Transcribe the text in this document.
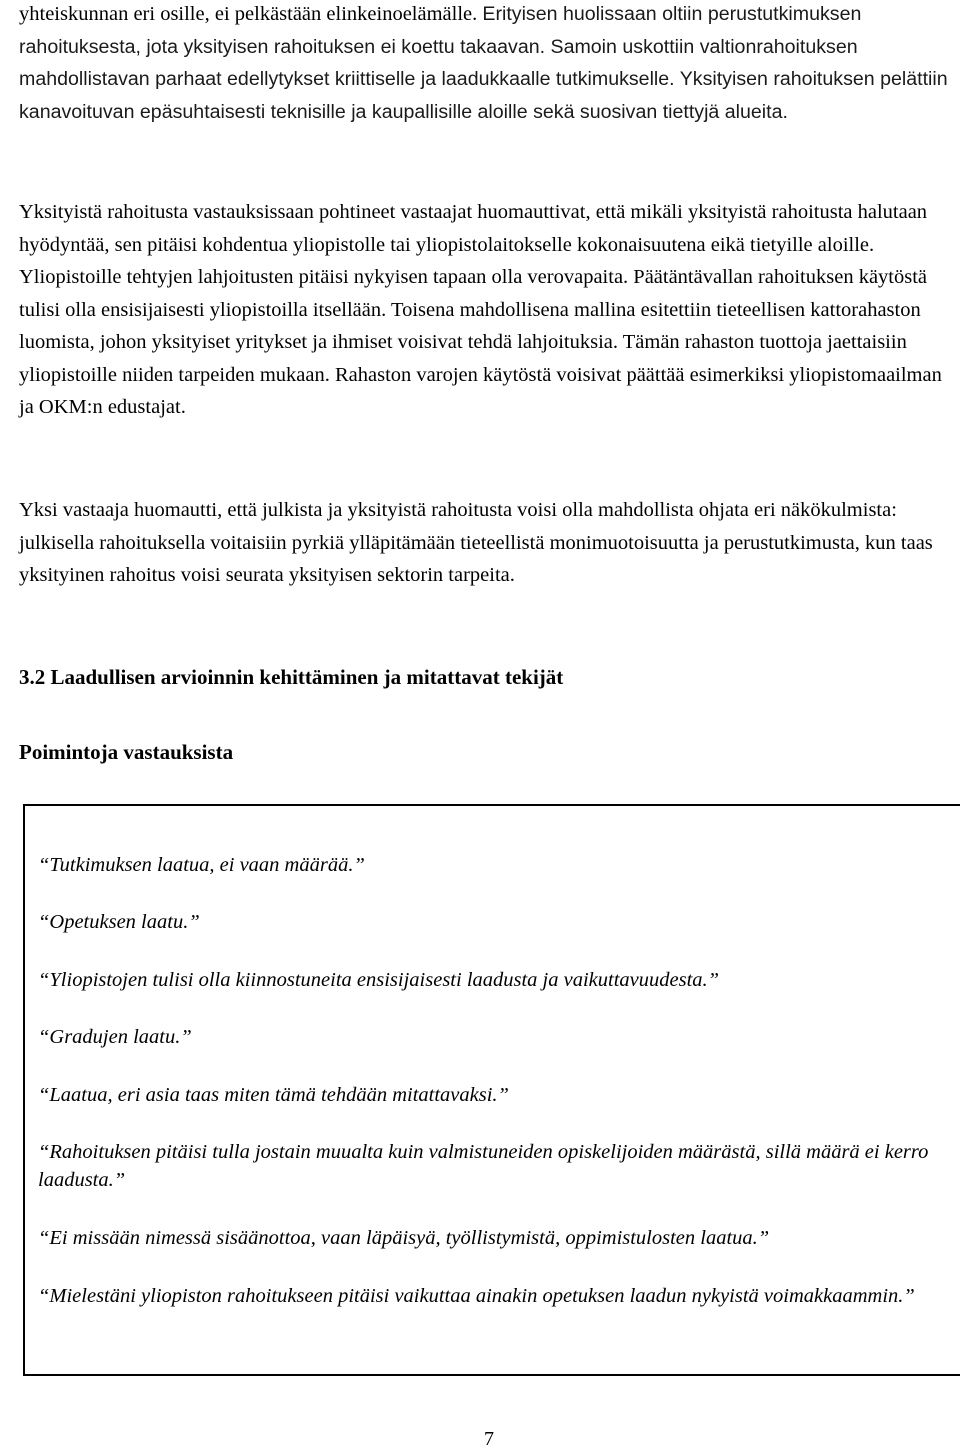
yhteiskunnan eri osille, ei pelkästään elinkeinoelämälle. Erityisen huolissaan oltiin perustutkimuksen rahoituksesta, jota yksityisen rahoituksen ei koettu takaavan. Samoin uskottiin valtionrahoituksen mahdollistavan parhaat edellytykset kriittiselle ja laadukkaalle tutkimukselle. Yksityisen rahoituksen pelättiin kanavoituvan epäsuhtaisesti teknisille ja kaupallisille aloille sekä suosivan tiettyjä alueita.

Yksityistä rahoitusta vastauksissaan pohtineet vastaajat huomauttivat, että mikäli yksityistä rahoitusta halutaan hyödyntää, sen pitäisi kohdentua yliopistolle tai yliopistolaitokselle kokonaisuutena eikä tietyille aloille. Yliopistoille tehtyjen lahjoitusten pitäisi nykyisen tapaan olla verovapaita. Päätäntävallan rahoituksen käytöstä tulisi olla ensisijaisesti yliopistoilla itsellään. Toisena mahdollisena mallina esitettiin tieteellisen kattorahaston luomista, johon yksityiset yritykset ja ihmiset voisivat tehdä lahjoituksia. Tämän rahaston tuottoja jaettaisiin yliopistoille niiden tarpeiden mukaan. Rahaston varojen käytöstä voisivat päättää esimerkiksi yliopistomaailman ja OKM:n edustajat.

Yksi vastaaja huomautti, että julkista ja yksityistä rahoitusta voisi olla mahdollista ohjata eri näkökulmista: julkisella rahoituksella voitaisiin pyrkiä ylläpitämään tieteellistä monimuotoisuutta ja perustutkimusta, kun taas yksityinen rahoitus voisi seurata yksityisen sektorin tarpeita.

3.2 Laadullisen arvioinnin kehittäminen ja mitattavat tekijät
Poimintoja vastauksista

“Tutkimuksen laatua, ei vaan määrää.”

“Opetuksen laatu.”

“Yliopistojen tulisi olla kiinnostuneita ensisijaisesti laadusta ja vaikuttavuudesta.”

“Gradujen laatu.”

“Laatua, eri asia taas miten tämä tehdään mitattavaksi.”

“Rahoituksen pitäisi tulla jostain muualta kuin valmistuneiden opiskelijoiden määrästä, sillä määrä ei kerro laadusta.”

“Ei missään nimessä sisäänottoa, vaan läpäisyä, työllistymistä, oppimistulosten laatua.”

“Mielestäni yliopiston rahoitukseen pitäisi vaikuttaa ainakin opetuksen laadun nykyistä voimakkaammin.”

7
